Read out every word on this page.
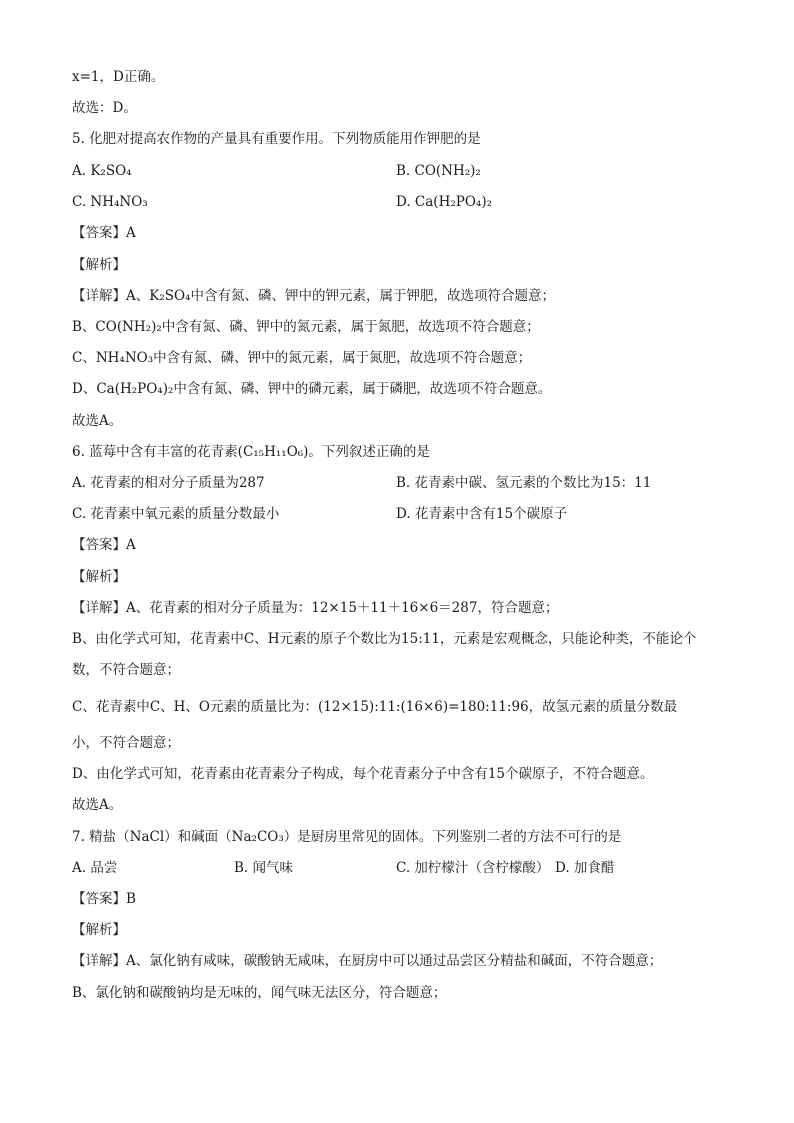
x=1，D正确。
故选：D。
5. 化肥对提高农作物的产量具有重要作用。下列物质能用作钾肥的是
A. K₂SO₄	B. CO(NH₂)₂
C. NH₄NO₃	D. Ca(H₂PO₄)₂
【答案】A
【解析】
【详解】A、K₂SO₄中含有氮、磷、钾中的钾元素，属于钾肥，故选项符合题意；
B、CO(NH₂)₂中含有氮、磷、钾中的氮元素，属于氮肥，故选项不符合题意；
C、NH₄NO₃中含有氮、磷、钾中的氮元素，属于氮肥，故选项不符合题意；
D、Ca(H₂PO₄)₂中含有氮、磷、钾中的磷元素，属于磷肥，故选项不符合题意。
故选A。
6. 蓝莓中含有丰富的花青素(C₁₅H₁₁O₆)。下列叙述正确的是
A. 花青素的相对分子质量为287	B. 花青素中碳、氢元素的个数比为15：11
C. 花青素中氧元素的质量分数最小	D. 花青素中含有15个碳原子
【答案】A
【解析】
【详解】A、花青素的相对分子质量为：12×15＋11＋16×6＝287，符合题意；
B、由化学式可知，花青素中C、H元素的原子个数比为15:11，元素是宏观概念，只能论种类，不能论个
数，不符合题意；
C、花青素中C、H、O元素的质量比为：(12×15):11:(16×6)=180:11:96，故氢元素的质量分数最
小，不符合题意；
D、由化学式可知，花青素由花青素分子构成，每个花青素分子中含有15个碳原子，不符合题意。
故选A。
7. 精盐（NaCl）和碱面（Na₂CO₃）是厨房里常见的固体。下列鉴别二者的方法不可行的是
A. 品尝	B. 闻气味	C. 加柠檬汁（含柠檬酸） D. 加食醋
【答案】B
【解析】
【详解】A、氯化钠有咸味，碳酸钠无咸味，在厨房中可以通过品尝区分精盐和碱面，不符合题意；
B、氯化钠和碳酸钠均是无味的，闻气味无法区分，符合题意；
